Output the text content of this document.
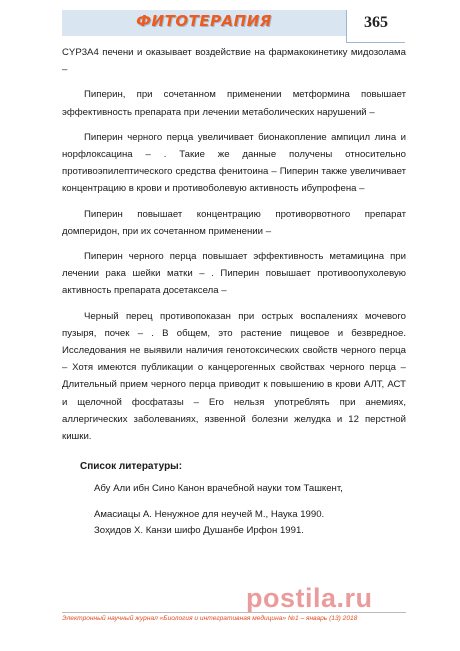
ФИТОТЕРАПИЯ	365

CYP3A4 печени и оказывает воздействие на фармакокинетику мидозолама –

Пиперин, при сочетанном применении метформина повышает эффективность препарата при лечении метаболических нарушений –

Пиперин черного перца увеличивает бионакопление ампицил лина и норфлоксацина – . Такие же данные получены относительно противоэпилептического средства фенитоина – Пиперин также увеличивает концентрацию в крови и противоболевую активность ибупрофена –

Пиперин повышает концентрацию противорвотного препарат домперидон, при их сочетанном применении –

Пиперин черного перца повышает эффективность метамицина при лечении рака шейки матки – . Пиперин повышает противоопухолевую активность препарата досетаксела –

Черный перец противопоказан при острых воспалениях мочевого пузыря, почек – . В общем, это растение пищевое и безвредное. Исследования не выявили наличия генотоксических свойств черного перца – Хотя имеются публикации о канцерогенных свойствах черного перца – Длительный прием черного перца приводит к повышению в крови АЛТ, АСТ и щелочной фосфатазы – Его нельзя употреблять при анемиях, аллергических заболеваниях, язвенной болезни желудка и 12 перстной кишки.

Список литературы:
Абу Али ибн Сино Канон врачебной науки том Ташкент,
Амасиацы А. Ненужное для неучей М., Наука 1990.
Зоҳидов Х. Канзи шифо Душанбе Ирфон 1991.
postila.ru
Электронный научный журнал «Биология и интегративная медицина» №1 – январь (13) 2018
